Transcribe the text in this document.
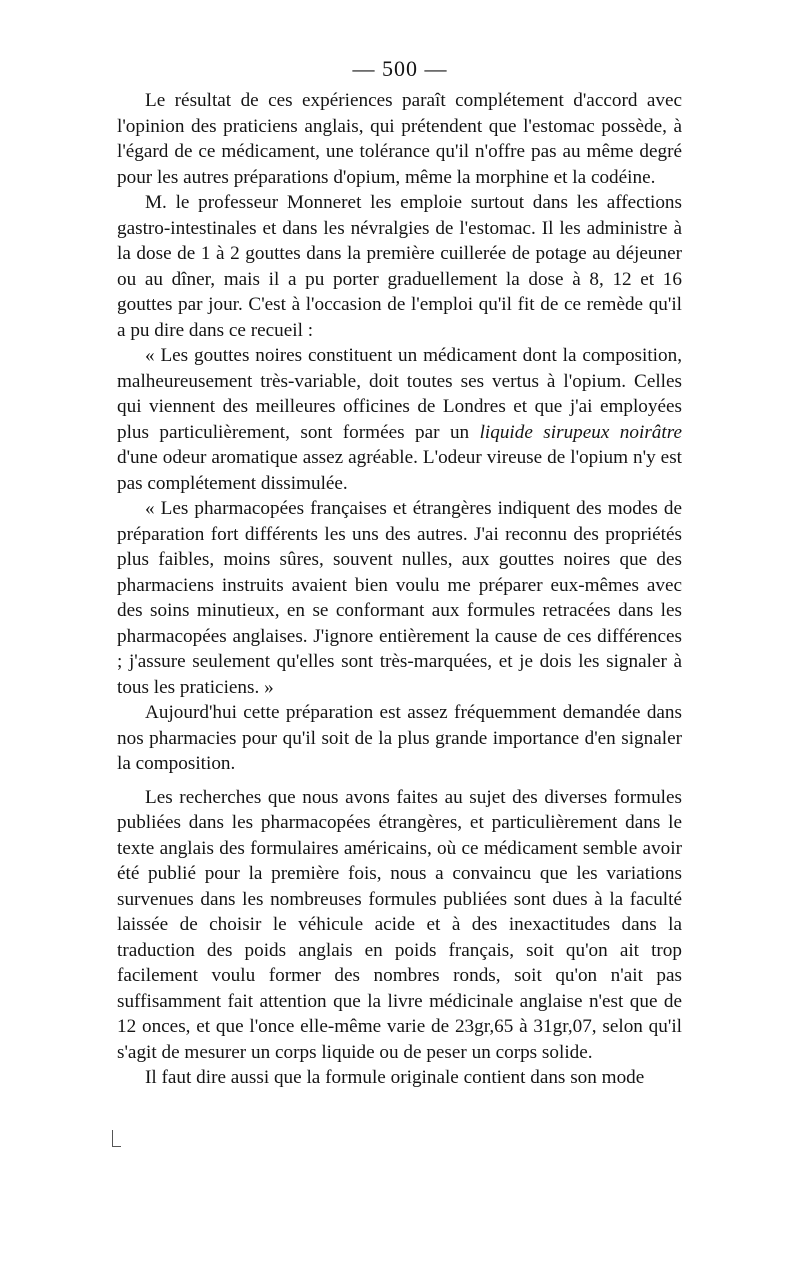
— 500 —

Le résultat de ces expériences paraît complétement d'accord avec l'opinion des praticiens anglais, qui prétendent que l'estomac possède, à l'égard de ce médicament, une tolérance qu'il n'offre pas au même degré pour les autres préparations d'opium, même la morphine et la codéine.

M. le professeur Monneret les emploie surtout dans les affections gastro-intestinales et dans les névralgies de l'estomac. Il les administre à la dose de 1 à 2 gouttes dans la première cuillerée de potage au déjeuner ou au dîner, mais il a pu porter graduellement la dose à 8, 12 et 16 gouttes par jour. C'est à l'occasion de l'emploi qu'il fit de ce remède qu'il a pu dire dans ce recueil :

« Les gouttes noires constituent un médicament dont la composition, malheureusement très-variable, doit toutes ses vertus à l'opium. Celles qui viennent des meilleures officines de Londres et que j'ai employées plus particulièrement, sont formées par un liquide sirupeux noirâtre d'une odeur aromatique assez agréable. L'odeur vireuse de l'opium n'y est pas complétement dissimulée.

« Les pharmacopées françaises et étrangères indiquent des modes de préparation fort différents les uns des autres. J'ai reconnu des propriétés plus faibles, moins sûres, souvent nulles, aux gouttes noires que des pharmaciens instruits avaient bien voulu me préparer eux-mêmes avec des soins minutieux, en se conformant aux formules retracées dans les pharmacopées anglaises. J'ignore entièrement la cause de ces différences ; j'assure seulement qu'elles sont très-marquées, et je dois les signaler à tous les praticiens. »

Aujourd'hui cette préparation est assez fréquemment demandée dans nos pharmacies pour qu'il soit de la plus grande importance d'en signaler la composition.

Les recherches que nous avons faites au sujet des diverses formules publiées dans les pharmacopées étrangères, et particulièrement dans le texte anglais des formulaires américains, où ce médicament semble avoir été publié pour la première fois, nous a convaincu que les variations survenues dans les nombreuses formules publiées sont dues à la faculté laissée de choisir le véhicule acide et à des inexactitudes dans la traduction des poids anglais en poids français, soit qu'on ait trop facilement voulu former des nombres ronds, soit qu'on n'ait pas suffisamment fait attention que la livre médicinale anglaise n'est que de 12 onces, et que l'once elle-même varie de 23gr,65 à 31gr,07, selon qu'il s'agit de mesurer un corps liquide ou de peser un corps solide.

Il faut dire aussi que la formule originale contient dans son mode
